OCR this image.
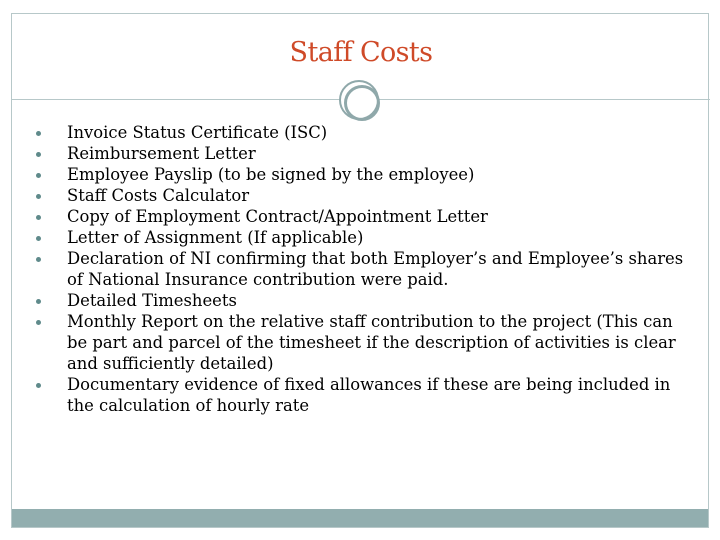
Staff Costs
Invoice Status Certificate (ISC)
Reimbursement Letter
Employee Payslip (to be signed by the employee)
Staff Costs Calculator
Copy of Employment Contract/Appointment Letter
Letter of Assignment (If applicable)
Declaration of NI confirming that both Employer’s and Employee’s shares of National Insurance contribution were paid.
Detailed Timesheets
Monthly Report on the relative staff contribution to the project (This can be part and parcel of the timesheet if the description of activities is clear and sufficiently detailed)
Documentary evidence of fixed allowances if these are being included in the calculation of hourly rate
